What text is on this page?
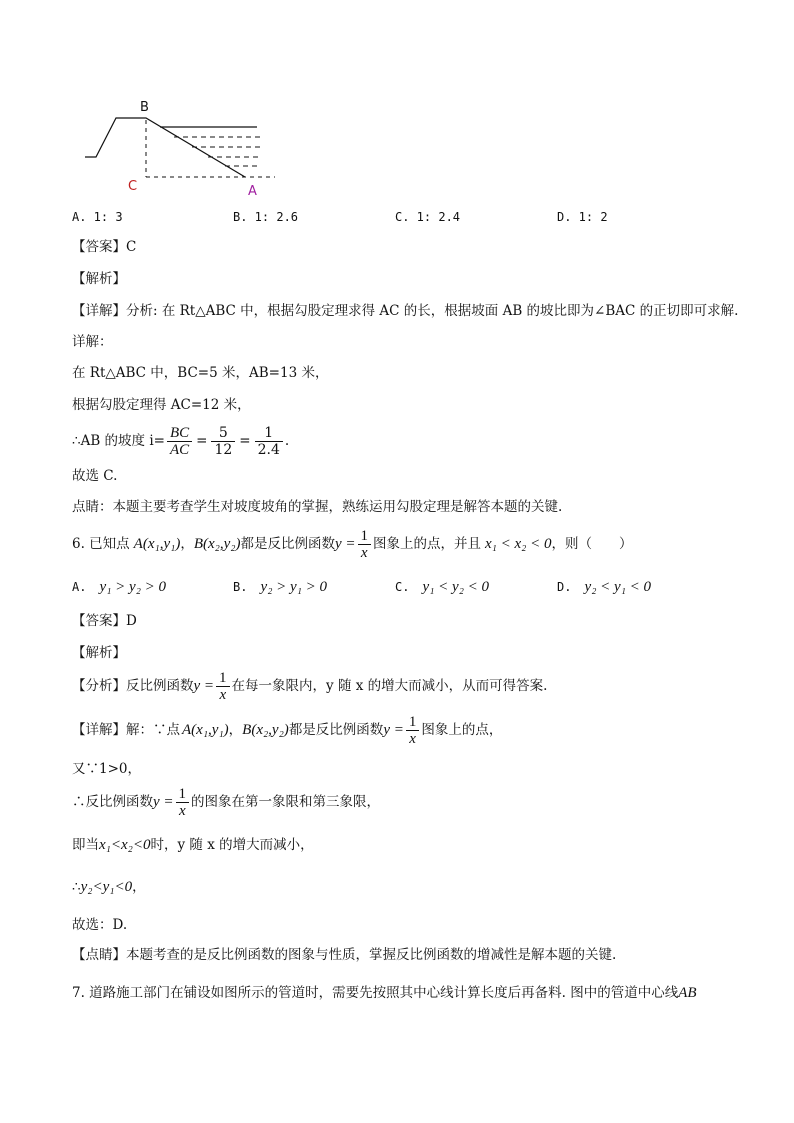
B
C	A
A. 1: 3	B. 1: 2.6	C. 1: 2.4	D. 1: 2
【答案】C
【解析】
【详解】分析: 在 Rt△ABC 中，根据勾股定理求得 AC 的长，根据坡面 AB 的坡比即为∠BAC 的正切即可求解.
详解：
在 Rt△ABC 中，BC=5 米，AB=13 米，
根据勾股定理得 AC=12 米，
∴AB 的坡度 $i= \frac{BC}{AC} = \frac{5}{12} = \frac{1}{2.4}$ .
故选 C.
点睛：本题主要考查学生对坡度坡角的掌握，熟练运用勾股定理是解答本题的关键.
6. 已知点 A(x₁,y₁) ， B(x₂,y₂) 都是反比例函数 $y = \frac{1}{x}$ 图象上的点，并且 x₁ < x₂ < 0 ，则（　　）
A. y₁ > y₂ > 0	B. y₂ > y₁ > 0	C. y₁ < y₂ < 0	D. y₂ < y₁ < 0
【答案】D
【解析】
【分析】反比例函数 $y = \frac{1}{x}$ 在每一象限内，y 随 x 的增大而减小，从而可得答案.
【详解】解：∵点 A(x₁,y₁) ， B(x₂,y₂) 都是反比例函数 $y = \frac{1}{x}$ 图象上的点，
又∵1>0，
∴反比例函数 $y = \frac{1}{x}$ 的图象在第一象限和第三象限，
即当x₁<x₂<0时，y 随 x 的增大而减小，
∴y₂<y₁<0，
故选：D.
【点睛】本题考查的是反比例函数的图象与性质，掌握反比例函数的增减性是解本题的关键.
7. 道路施工部门在铺设如图所示的管道时，需要先按照其中心线计算长度后再备料. 图中的管道中心线AB
